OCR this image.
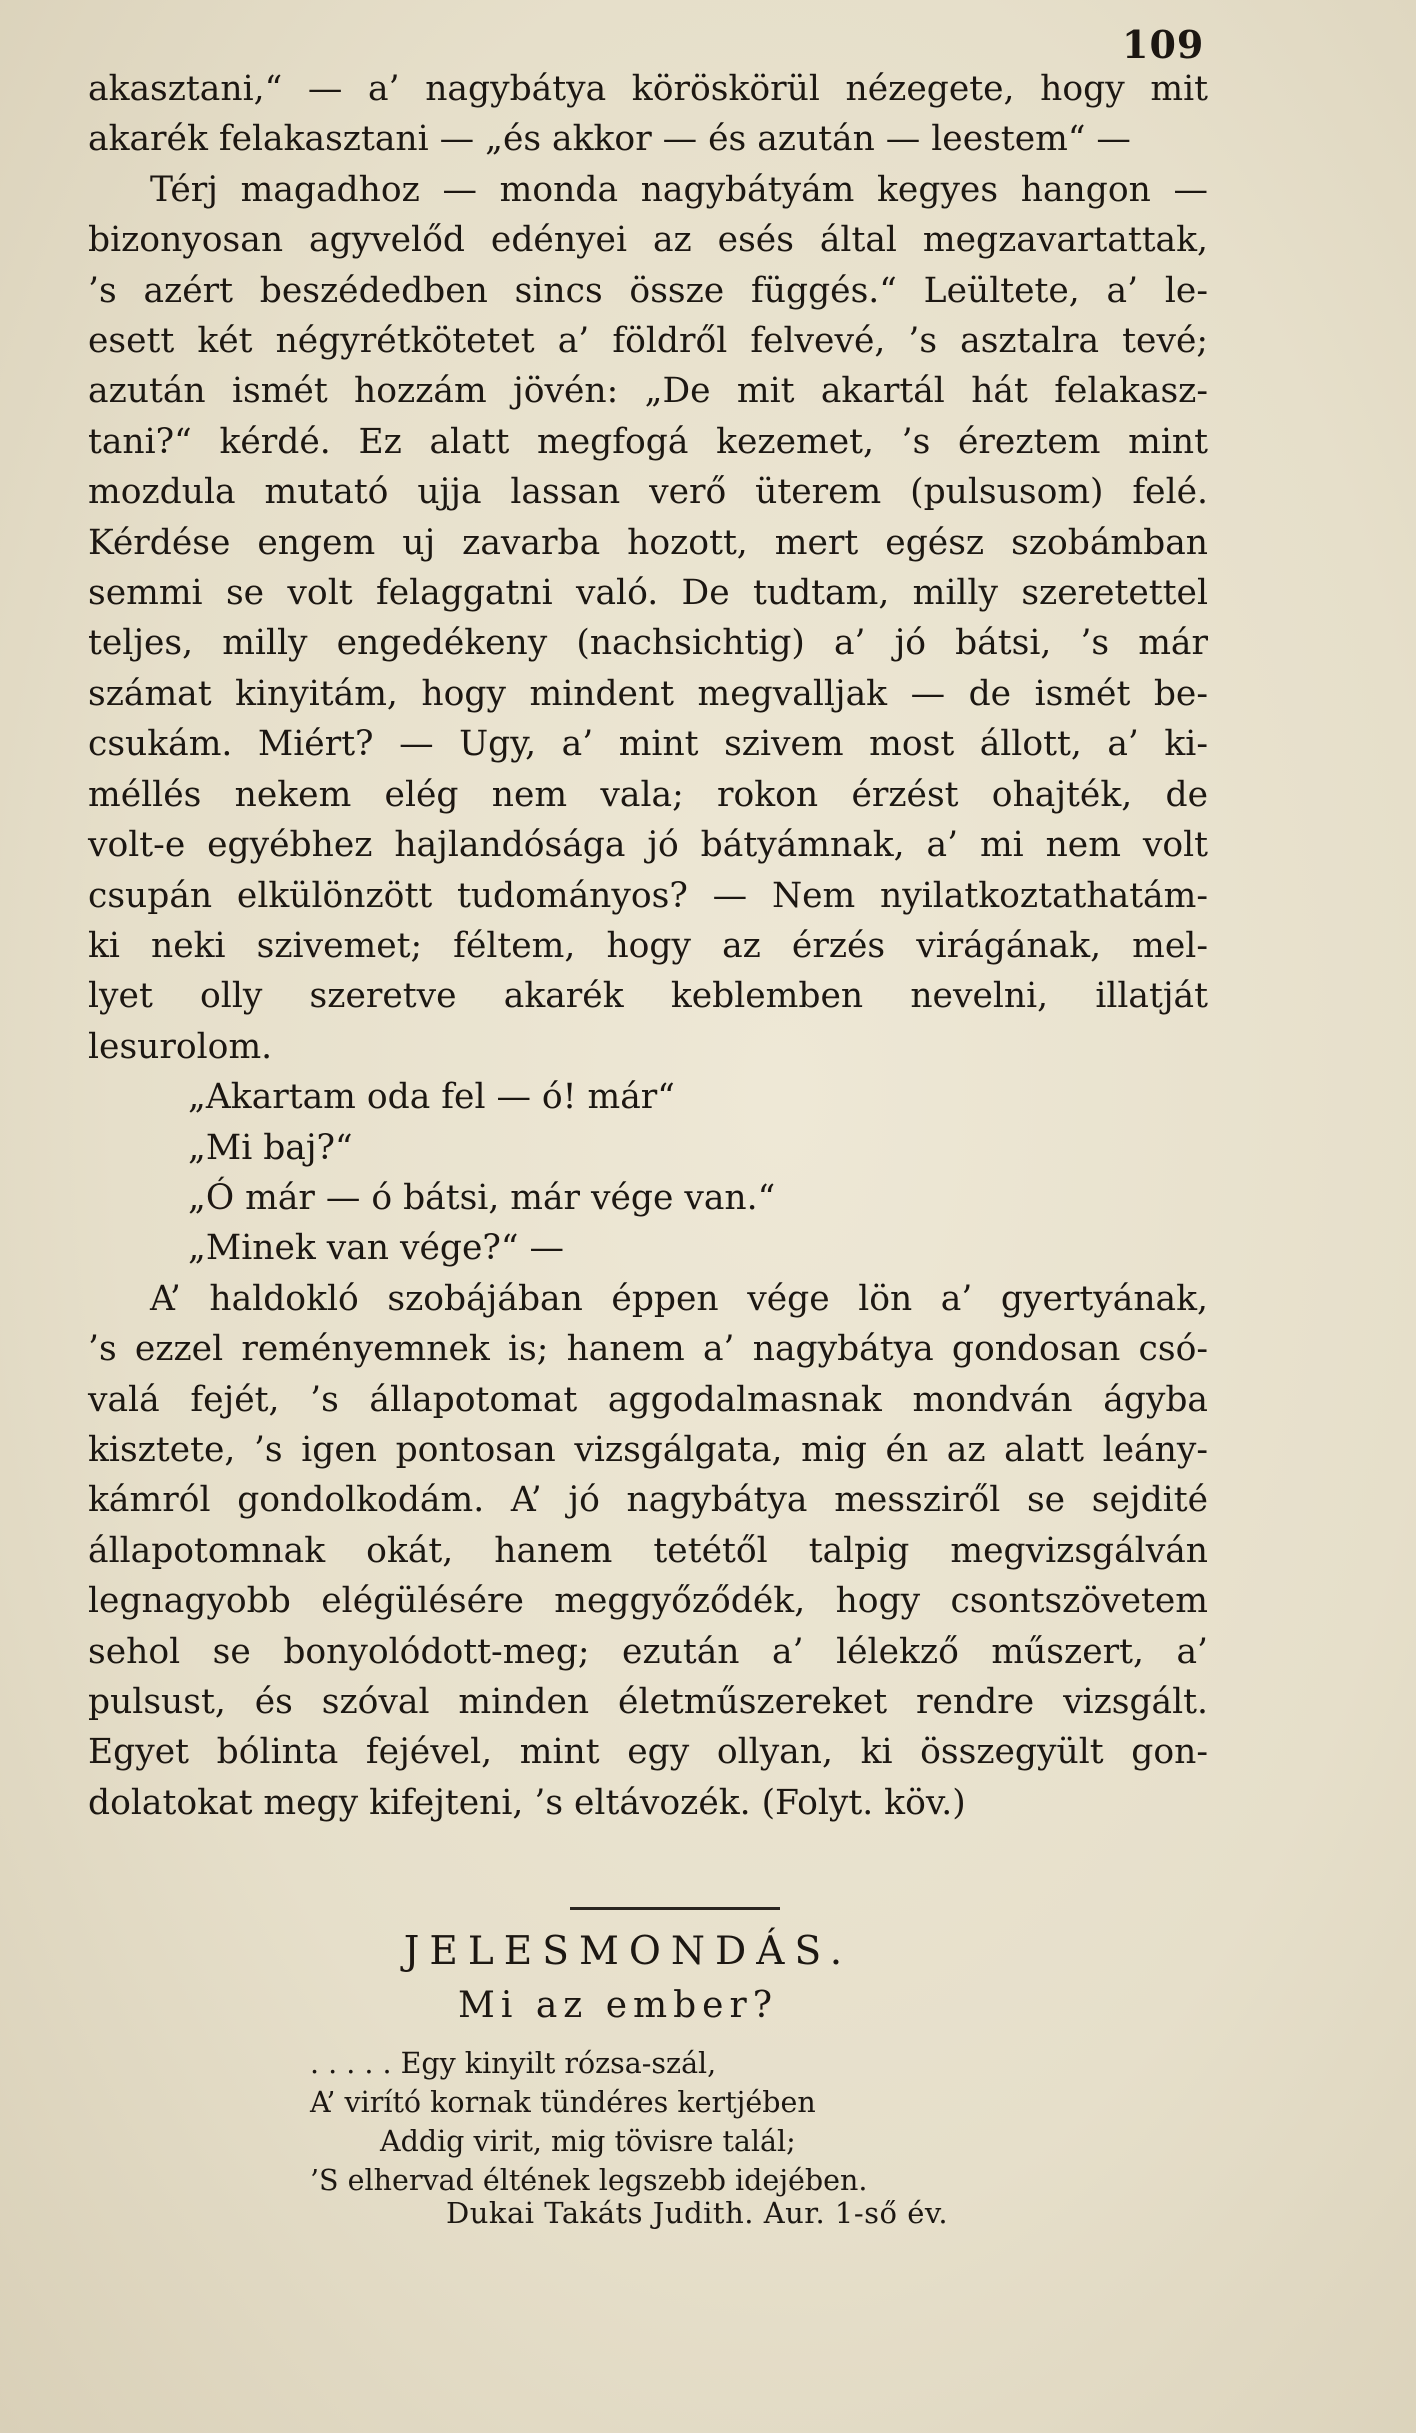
109
akasztani,“ — a’ nagybátya köröskörül nézegete, hogy mit
akarék felakasztani — „és akkor — és azután — leestem“ —
Térj magadhoz — monda nagybátyám kegyes hangon —
bizonyosan agyvelőd edényei az esés által megzavartattak,
’s azért beszédedben sincs össze függés.“ Leültete, a’ le-
esett két négyrétkötetet a’ földről felvevé, ’s asztalra tevé;
azután ismét hozzám jövén: „De mit akartál hát felakasz-
tani?“ kérdé. Ez alatt megfogá kezemet, ’s éreztem mint
mozdula mutató ujja lassan verő üterem (pulsusom) felé.
Kérdése engem uj zavarba hozott, mert egész szobámban
semmi se volt felaggatni való. De tudtam, milly szeretettel
teljes, milly engedékeny (nachsichtig) a’ jó bátsi, ’s már
számat kinyitám, hogy mindent megvalljak — de ismét be-
csukám. Miért? — Ugy, a’ mint szivem most állott, a’ ki-
méllés nekem elég nem vala; rokon érzést ohajték, de
volt-e egyébhez hajlandósága jó bátyámnak, a’ mi nem volt
csupán elkülönzött tudományos? — Nem nyilatkoztathatám-
ki neki szivemet; féltem, hogy az érzés virágának, mel-
lyet olly szeretve akarék keblemben nevelni, illatját
lesurolom.
„Akartam oda fel — ó! már“
„Mi baj?“
„Ó már — ó bátsi, már vége van.“
„Minek van vége?“ —
A’ haldokló szobájában éppen vége lön a’ gyertyának,
’s ezzel reményemnek is; hanem a’ nagybátya gondosan csó-
valá fejét, ’s állapotomat aggodalmasnak mondván ágyba
kisztete, ’s igen pontosan vizsgálgata, mig én az alatt leány-
kámról gondolkodám. A’ jó nagybátya messziről se sejdité
állapotomnak okát, hanem tetétől talpig megvizsgálván
legnagyobb elégülésére meggyőződék, hogy csontszövetem
sehol se bonyolódott-meg; ezután a’ lélekző műszert, a’
pulsust, és szóval minden életműszereket rendre vizsgált.
Egyet bólinta fejével, mint egy ollyan, ki összegyült gon-
dolatokat megy kifejteni, ’s eltávozék. (Folyt. köv.)
JELESMONDÁS.
Mi az ember?
. . . . . Egy kinyilt rózsa-szál,
A’ virító kornak tündéres kertjében
Addig virit, mig tövisre talál;
’S elhervad éltének legszebb idejében.
Dukai Takáts Judith. Aur. 1-ső év.
